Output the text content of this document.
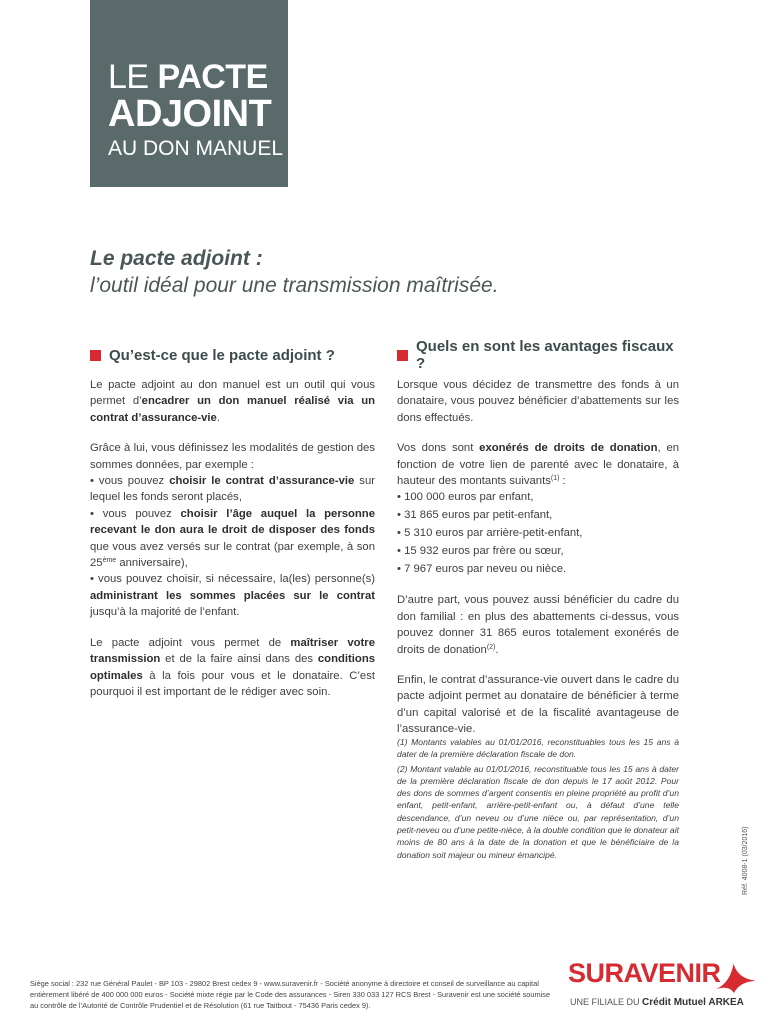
LE PACTE
ADJOINT
AU DON MANUEL
Le pacte adjoint :
l’outil idéal pour une transmission maîtrisée.
Qu’est-ce que le pacte adjoint ?

Le pacte adjoint au don manuel est un outil qui vous permet d’encadrer un don manuel réalisé via un contrat d’assurance-vie.

Grâce à lui, vous définissez les modalités de gestion des sommes données, par exemple :

• vous pouvez choisir le contrat d’assurance-vie sur lequel les fonds seront placés,

• vous pouvez choisir l’âge auquel la personne recevant le don aura le droit de disposer des fonds que vous avez versés sur le contrat (par exemple, à son 25ème anniversaire),

• vous pouvez choisir, si nécessaire, la(les) personne(s) administrant les sommes placées sur le contrat jusqu’à la majorité de l’enfant.

Le pacte adjoint vous permet de maîtriser votre transmission et de la faire ainsi dans des conditions optimales à la fois pour vous et le donataire. C’est pourquoi il est important de le rédiger avec soin.

Quels en sont les avantages fiscaux ?

Lorsque vous décidez de transmettre des fonds à un donataire, vous pouvez bénéficier d’abattements sur les dons effectués.

Vos dons sont exonérés de droits de donation, en fonction de votre lien de parenté avec le donataire, à hauteur des montants suivants$^{(1)}$ :

• 100 000 euros par enfant,
• 31 865 euros par petit-enfant,
• 5 310 euros par arrière-petit-enfant,
• 15 932 euros par frère ou sœur,
• 7 967 euros par neveu ou nièce.

D’autre part, vous pouvez aussi bénéficier du cadre du don familial : en plus des abattements ci-dessus, vous pouvez donner 31 865 euros totalement exonérés de droits de donation$^{(2)}$.

Enfin, le contrat d’assurance-vie ouvert dans le cadre du pacte adjoint permet au donataire de bénéficier à terme d’un capital valorisé et de la fiscalité avantageuse de l’assurance-vie.

(1) Montants valables au 01/01/2016, reconstituables tous les 15 ans à dater de la première déclaration fiscale de don.

(2) Montant valable au 01/01/2016, reconstituable tous les 15 ans à dater de la première déclaration fiscale de don depuis le 17 août 2012. Pour des dons de sommes d’argent consentis en pleine propriété au profit d’un enfant, petit-enfant, arrière-petit-enfant ou, à défaut d’une telle descendance, d’un neveu ou d’une nièce ou, par représentation, d’un petit-neveu ou d’une petite-nièce, à la double condition que le donateur ait moins de 80 ans à la date de la donation et que le bénéficiaire de la donation soit majeur ou mineur émancipé.	Réf. 4008-1 (03/2016)
Siège social : 232 rue Général Paulet - BP 103 - 29802 Brest cedex 9 - www.suravenir.fr - Société anonyme à directoire et conseil de surveillance au capital entièrement libéré de 400 000 000 euros - Société mixte régie par le Code des assurances - Siren 330 033 127 RCS Brest - Suravenir est une société soumise au contrôle de l’Autorité de Contrôle Prudentiel et de Résolution (61 rue Taitbout - 75436 Paris cedex 9).
SURAVENIR
UNE FILIALE DU Crédit Mutuel ARKEA
